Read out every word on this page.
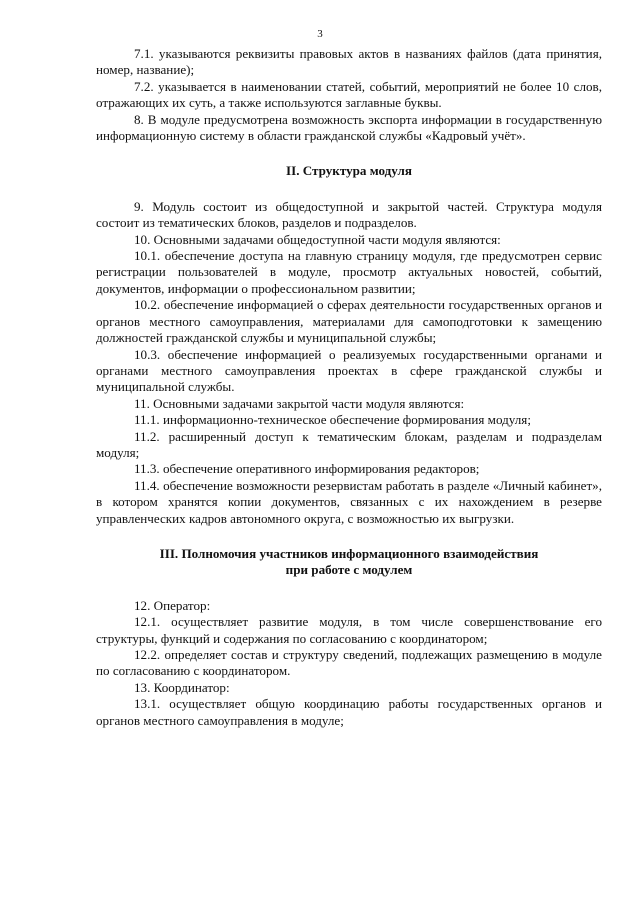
3

7.1. указываются реквизиты правовых актов в названиях файлов (дата принятия, номер, название);

7.2. указывается в наименовании статей, событий, мероприятий не более 10 слов, отражающих их суть, а также используются заглавные буквы.

8. В модуле предусмотрена возможность экспорта информации в государственную информационную систему в области гражданской службы «Кадровый учёт».

II. Структура модуля

9. Модуль состоит из общедоступной и закрытой частей. Структура модуля состоит из тематических блоков, разделов и подразделов.

10. Основными задачами общедоступной части модуля являются:

10.1. обеспечение доступа на главную страницу модуля, где предусмотрен сервис регистрации пользователей в модуле, просмотр актуальных новостей, событий, документов, информации о профессиональном развитии;

10.2. обеспечение информацией о сферах деятельности государственных органов и органов местного самоуправления, материалами для самоподготовки к замещению должностей гражданской службы и муниципальной службы;

10.3. обеспечение информацией о реализуемых государственными органами и органами местного самоуправления проектах в сфере гражданской службы и муниципальной службы.

11. Основными задачами закрытой части модуля являются:

11.1. информационно-техническое обеспечение формирования модуля;

11.2. расширенный доступ к тематическим блокам, разделам и подразделам модуля;

11.3. обеспечение оперативного информирования редакторов;

11.4. обеспечение возможности резервистам работать в разделе «Личный кабинет», в котором хранятся копии документов, связанных с их нахождением в резерве управленческих кадров автономного округа, с возможностью их выгрузки.

III. Полномочия участников информационного взаимодействия
при работе с модулем

12. Оператор:

12.1. осуществляет развитие модуля, в том числе совершенствование его структуры, функций и содержания по согласованию с координатором;

12.2. определяет состав и структуру сведений, подлежащих размещению в модуле по согласованию с координатором.

13. Координатор:

13.1. осуществляет общую координацию работы государственных органов и органов местного самоуправления в модуле;
